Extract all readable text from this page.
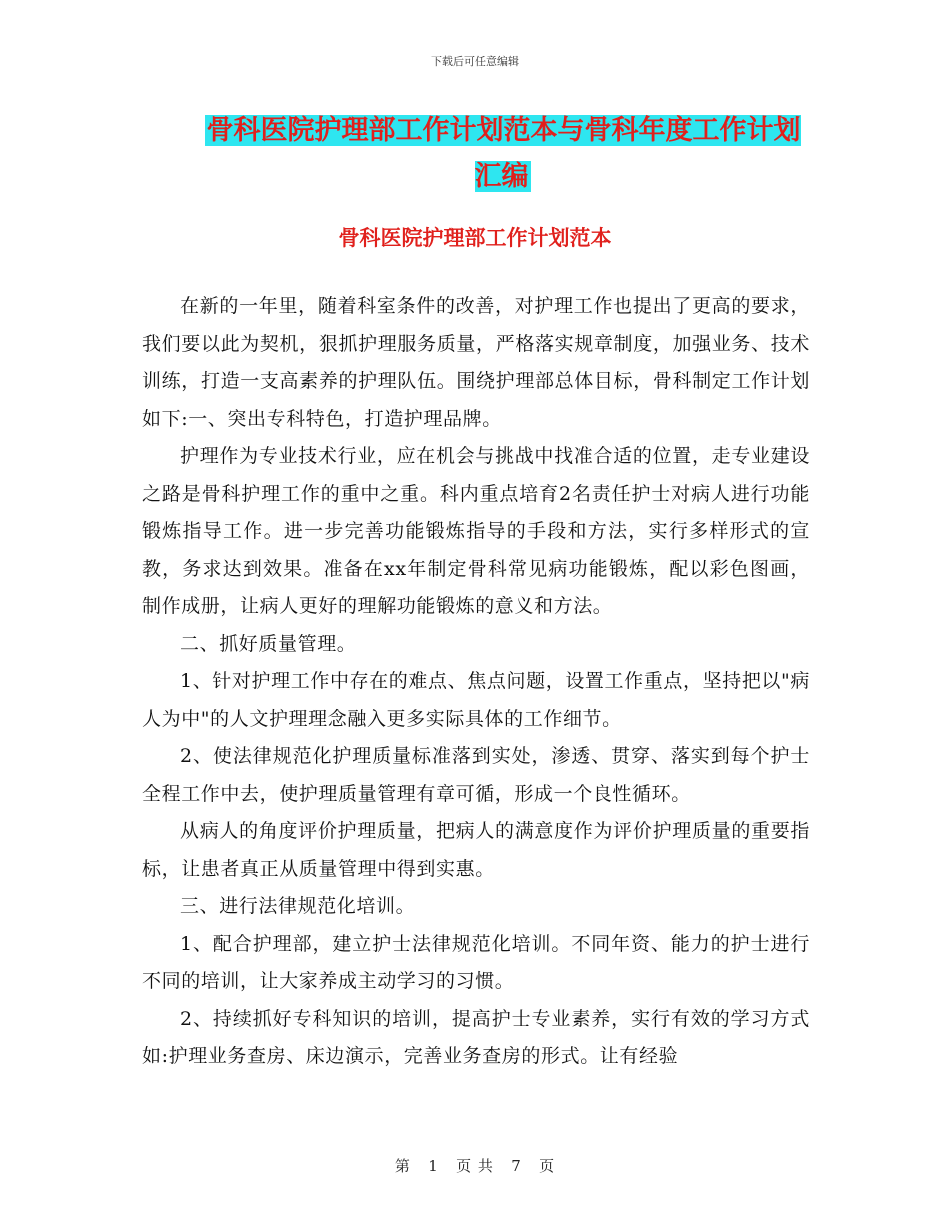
下载后可任意编辑
骨科医院护理部工作计划范本与骨科年度工作计划汇编
骨科医院护理部工作计划范本

在新的一年里，随着科室条件的改善，对护理工作也提出了更高的要求，我们要以此为契机，狠抓护理服务质量，严格落实规章制度，加强业务、技术训练，打造一支高素养的护理队伍。围绕护理部总体目标，骨科制定工作计划如下:一、突出专科特色，打造护理品牌。

护理作为专业技术行业，应在机会与挑战中找准合适的位置，走专业建设之路是骨科护理工作的重中之重。科内重点培育2名责任护士对病人进行功能锻炼指导工作。进一步完善功能锻炼指导的手段和方法，实行多样形式的宣教，务求达到效果。准备在xx年制定骨科常见病功能锻炼，配以彩色图画，制作成册，让病人更好的理解功能锻炼的意义和方法。

二、抓好质量管理。

1、针对护理工作中存在的难点、焦点问题，设置工作重点，坚持把以"病人为中"的人文护理理念融入更多实际具体的工作细节。

2、使法律规范化护理质量标准落到实处，渗透、贯穿、落实到每个护士全程工作中去，使护理质量管理有章可循，形成一个良性循环。

从病人的角度评价护理质量，把病人的满意度作为评价护理质量的重要指标，让患者真正从质量管理中得到实惠。

三、进行法律规范化培训。

1、配合护理部，建立护士法律规范化培训。不同年资、能力的护士进行不同的培训，让大家养成主动学习的习惯。

2、持续抓好专科知识的培训，提高护士专业素养，实行有效的学习方式如:护理业务查房、床边演示，完善业务查房的形式。让有经验

第 1 页 共 7 页
